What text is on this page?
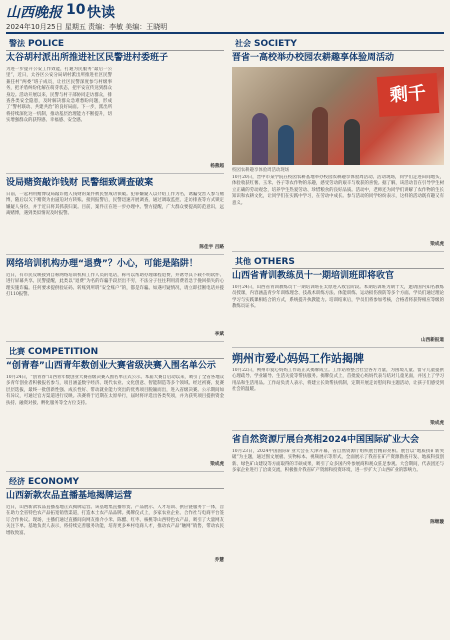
山西晚报 10 快读
2024年10月25日 星期五 责编：李敏 美编：王晓明
警法 POLICE
太谷胡村派出所推进社区民警进村委班子
为进一步提升公安工作效能，打通为民服务“最后一公里”，近日，太谷区公安分局胡村派出所推进社区民警兼任村“两委”班子成员，让社区民警深度参与村级事务，把矛盾纠纷化解在萌芽状态，把平安宣传送到群众身边。活动开展以来，民警与村干部协同走访群众，排查各类安全隐患，及时解决群众急难愁盼问题，形成了“警村联动、共建共治”的良好局面。下一步，派出所将持续深化这一机制，推动基层治理能力不断提升，切实增强群众的获得感、幸福感、安全感。
杨燕超
设局赌资敲诈钱财 民警细致调查破案
日前，一起利用赌博设局敲诈他人钱财的案件被民警成功侦破。犯罪嫌疑人以介绍工作为名，诱骗受害人参与赌博，随后以欠下赌资为由逼迫对方转账。接到报警后，民警迅速开展调查，通过调取监控、走访排查等方式锁定嫌疑人身份，并于近日将其抓获归案。目前，案件正在进一步办理中。警方提醒，广大群众要提高防范意识，远离赌博，遇到类似情况及时报警。
陈佳宇 吕路
网络培训机构办理“退费”？小心，可能是陷阱！
近日，有市民反映接到自称网络培训机构工作人员的电话，称可以帮助办理课程退费，并诱导其下载不明软件、进行屏幕共享。民警提醒，此类以“退费”为名的诈骗手段层出不穷，不法分子往往利用消费者急于挽回损失的心理实施诈骗。任何要求提供验证码、转账到所谓“安全账户”的，都是诈骗。如遇可疑情况，请立即挂断电话并拨打110报警。
李斌
比赛 COMPETITION
“创青春”山西青年数创业大赛省级决赛入围名单公示
10月24日，“创青春”山西青年数创业大赛省级决赛入围名单正式公示。本届大赛自启动以来，吸引了全省各地众多青年创业者积极报名参与，项目涵盖数字经济、现代农业、文化创意、智能制造等多个领域。经过初赛、复赛层层选拔，最终一批创新性强、成长性好、带动就业能力突出的优秀项目脱颖而出，进入省级决赛。公示期间如有异议，可通过官方渠道进行反映。决赛将于近期在太原举行，届时将评选出各类奖项，并为获奖项目提供资金扶持、融资对接、孵化服务等全方位支持。
梁成虎
经济 ECONOMY
山西新款农品直播基地揭牌运营
近日，山西新款农品直播基地正式揭牌运营。该基地集直播带货、产品展示、人才培训、供应链服务于一体，旨在助力全省特色农产品拓宽销售渠道，打造本土农产品品牌。揭牌仪式上，多家农业企业、合作社与电商平台签订合作协议。现场，主播们通过直播间向网友推介小米、陈醋、红枣、核桃等山西特色农产品，吸引了大量网友关注下单。基地负责人表示，将持续完善服务功能，培育更多乡村电商人才，推动农产品“触网”销售，带动农民增收致富。
乔慧
社会 SOCIETY
晋省一高校举办校园农耕趣享体验周活动
剩千
校园农耕趣享体验周活动现场
10月20日，晋中市某学院在校园农耕基地举办校园农耕趣享体验周活动。活动现场，同学们走进田间地头，体验收获红薯、玉米、谷子等农作物的乐趣，感受劳动的艰辛与收获的喜悦。据了解，该活动旨在引导学生树立正确的劳动观念，培养学生热爱劳动、珍惜粮食的良好品质。活动中，老师还为同学们讲解了农作物的生长知识和农耕文化，让同学们在实践中学习，在劳动中成长。参与活动的同学纷纷表示，这样的活动既有趣又有意义。
梁成虎
其他 OTHERS
山西省青训教练员十一期培训班即将收官
10月24日，山西省青训教练员十一期培训班在太原进入收官阶段。本期培训班为期十天，邀请国内知名教练员授课，内容涵盖青少年训练理念、技战术训练方法、体能训练、运动损伤预防等多个方面。学员们通过理论学习与实践课相结合的方式，系统提升执教能力。培训结束后，学员们将参加考核，合格者将获得相应等级的教练员证书。
山西新报道
朔州市爱心妈妈工作站揭牌
10月22日，朔州市爱心妈妈工作站正式揭牌成立。工作站将整合社会各方力量，为困境儿童、留守儿童提供心理疏导、学业辅导、生活关爱等帮扶服务。揭牌仪式上，首批爱心妈妈代表与结对儿童见面，并送上了学习用品和生活用品。工作站负责人表示，将建立长效帮扶机制，定期开展走访慰问和主题活动，让孩子们感受到社会的温暖。
梁成虎
省自然资源厅展台亮相2024中国国际矿业大会
10月23日，2024中国国际矿业大会在天津开幕，省自然资源厅组织展台精彩亮相。展台以“地质找矿新突破”为主题，通过图文展板、实物标本、视频展示等形式，全面展示了我省在矿产资源勘查开发、地质科技创新、绿色矿山建设等方面取得的丰硕成果，吸引了众多国内外参展商和观众驻足参观。大会期间，代表团还与多家企业进行了洽谈交流，积极推介我省矿产资源和投资环境，进一步扩大了山西矿业的影响力。
陈继璇
